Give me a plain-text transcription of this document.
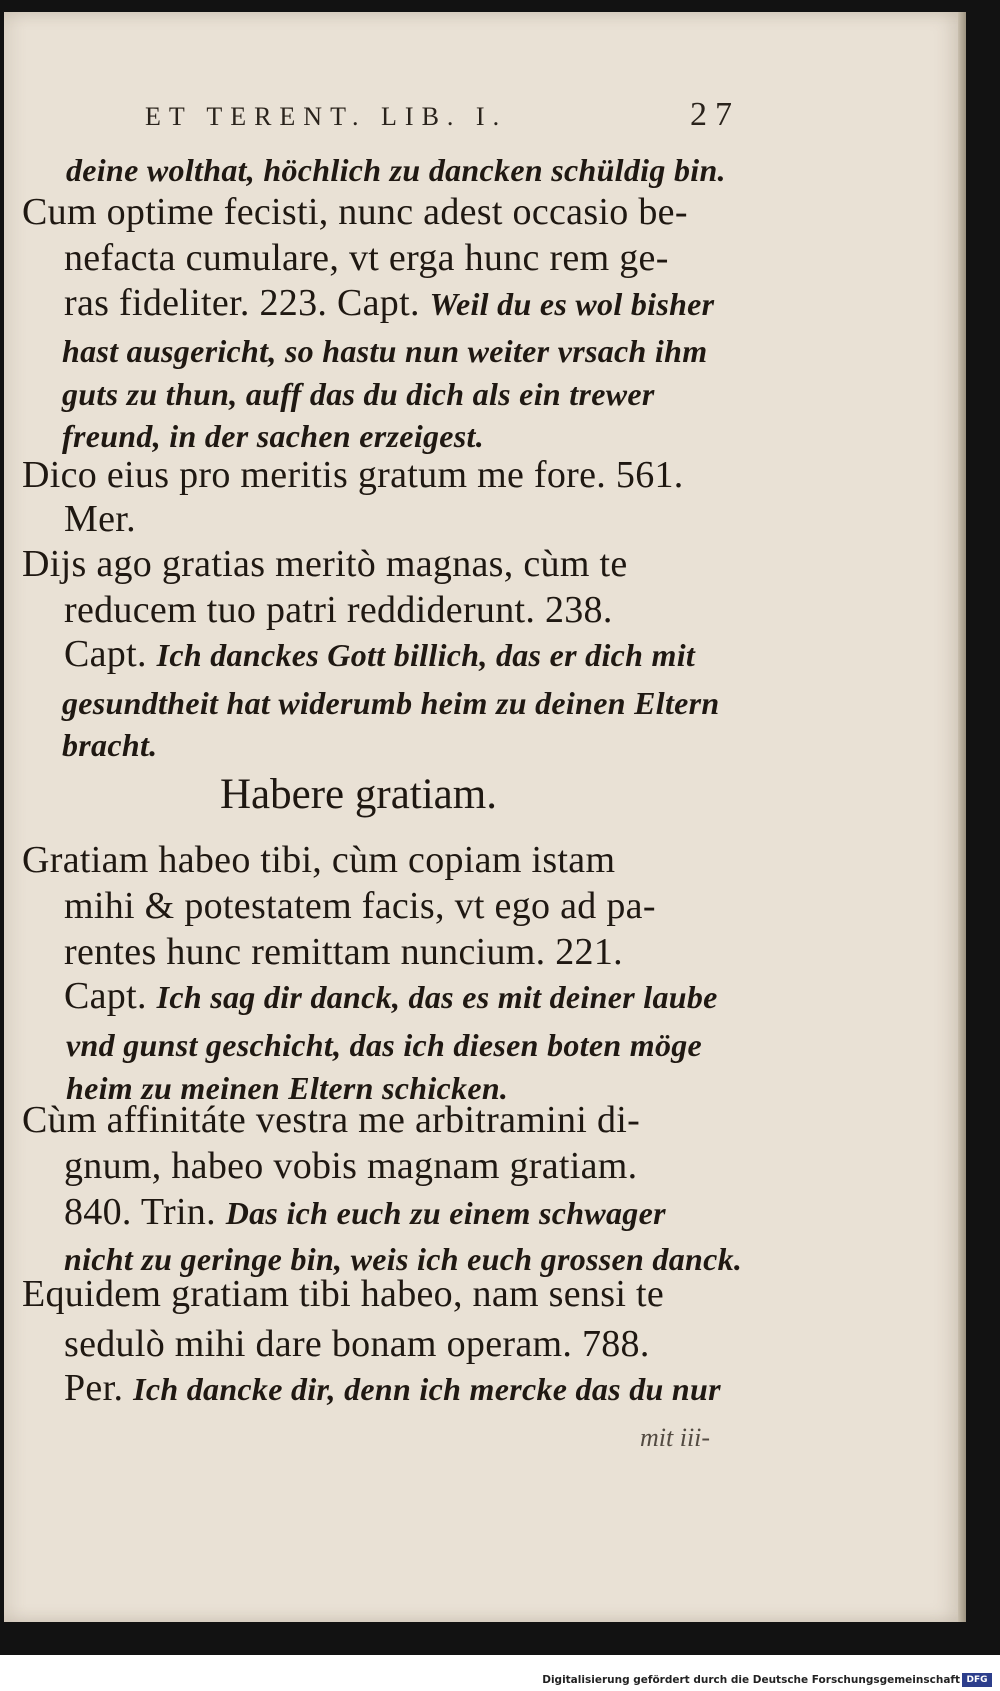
ET TERENT. LIB. I.	27
deine wolthat, höchlich zu dancken schüldig bin.
Cum optime fecisti, nunc adest occasio be-
nefacta cumulare, vt erga hunc rem ge-
ras fideliter. 223. Capt. Weil du es wol bisher
hast ausgericht, so hastu nun weiter vrsach ihm
guts zu thun, auff das du dich als ein trewer
freund, in der sachen erzeigest.
Dico eius pro meritis gratum me fore. 561.
Mer.
Dijs ago gratias meritò magnas, cùm te
reducem tuo patri reddiderunt. 238.
Capt. Ich danckes Gott billich, das er dich mit
gesundtheit hat widerumb heim zu deinen Eltern
bracht.
Habere gratiam.
Gratiam habeo tibi, cùm copiam istam
mihi & potestatem facis, vt ego ad pa-
rentes hunc remittam nuncium. 221.
Capt. Ich sag dir danck, das es mit deiner laube
vnd gunst geschicht, das ich diesen boten möge
heim zu meinen Eltern schicken.
Cùm affinitáte vestra me arbitramini di-
gnum, habeo vobis magnam gratiam.
840. Trin. Das ich euch zu einem schwager
nicht zu geringe bin, weis ich euch grossen danck.
Equidem gratiam tibi habeo, nam sensi te
sedulò mihi dare bonam operam. 788.
Per. Ich dancke dir, denn ich mercke das du nur
mit iii-
Digitalisierung gefördert durch die Deutsche Forschungsgemeinschaft DFG
